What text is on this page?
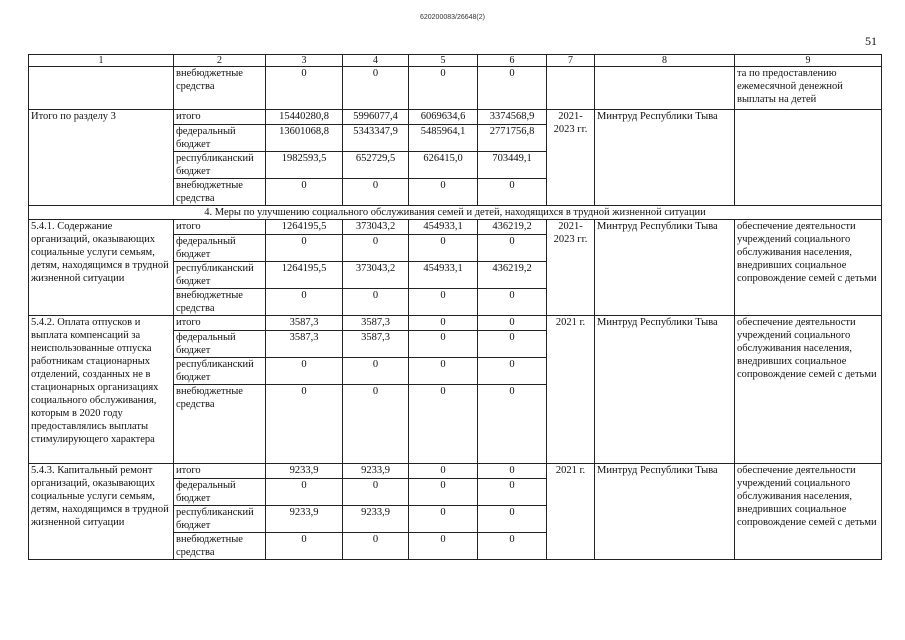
620200083/26648(2)
51
1	2	3	4	5	6	7	8	9
	внебюджетные средства	0	0	0	0			та по предоставлению ежемесячной денежной выплаты на детей
Итого по разделу 3	итого	15440280,8	5996077,4	6069634,6	3374568,9	2021-2023 гг.	Минтруд Республики Тыва	
	федеральный бюджет	13601068,8	5343347,9	5485964,1	2771756,8			
	республиканский бюджет	1982593,5	652729,5	626415,0	703449,1			
	внебюджетные средства	0	0	0	0			
4. Меры по улучшению социального обслуживания семей и детей, находящихся в трудной жизненной ситуации								
5.4.1. Содержание организаций, оказывающих социальные услуги семьям, детям, находящимся в трудной жизненной ситуации	итого	1264195,5	373043,2	454933,1	436219,2	2021-2023 гг.	Минтруд Республики Тыва	обеспечение деятельности учреждений социального обслуживания населения, внедривших социальное сопровождение семей с детьми
	федеральный бюджет	0	0	0	0			
	республиканский бюджет	1264195,5	373043,2	454933,1	436219,2			
	внебюджетные средства	0	0	0	0			
5.4.2. Оплата отпусков и выплата компенсаций за неиспользованные отпуска работникам стационарных отделений, созданных не в стационарных организациях социального обслуживания, которым в 2020 году предоставлялись выплаты стимулирующего характера	итого	3587,3	3587,3	0	0	2021 г.	Минтруд Республики Тыва	обеспечение деятельности учреждений социального обслуживания населения, внедривших социальное сопровождение семей с детьми
	федеральный бюджет	3587,3	3587,3	0	0			
	республиканский бюджет	0	0	0	0			
	внебюджетные средства	0	0	0	0			
5.4.3. Капитальный ремонт организаций, оказывающих социальные услуги семьям, детям, находящимся в трудной жизненной ситуации	итого	9233,9	9233,9	0	0	2021 г.	Минтруд Республики Тыва	обеспечение деятельности учреждений социального обслуживания населения, внедривших социальное сопровождение семей с детьми
	федеральный бюджет	0	0	0	0			
	республиканский бюджет	9233,9	9233,9	0	0			
	внебюджетные средства	0	0	0	0			
